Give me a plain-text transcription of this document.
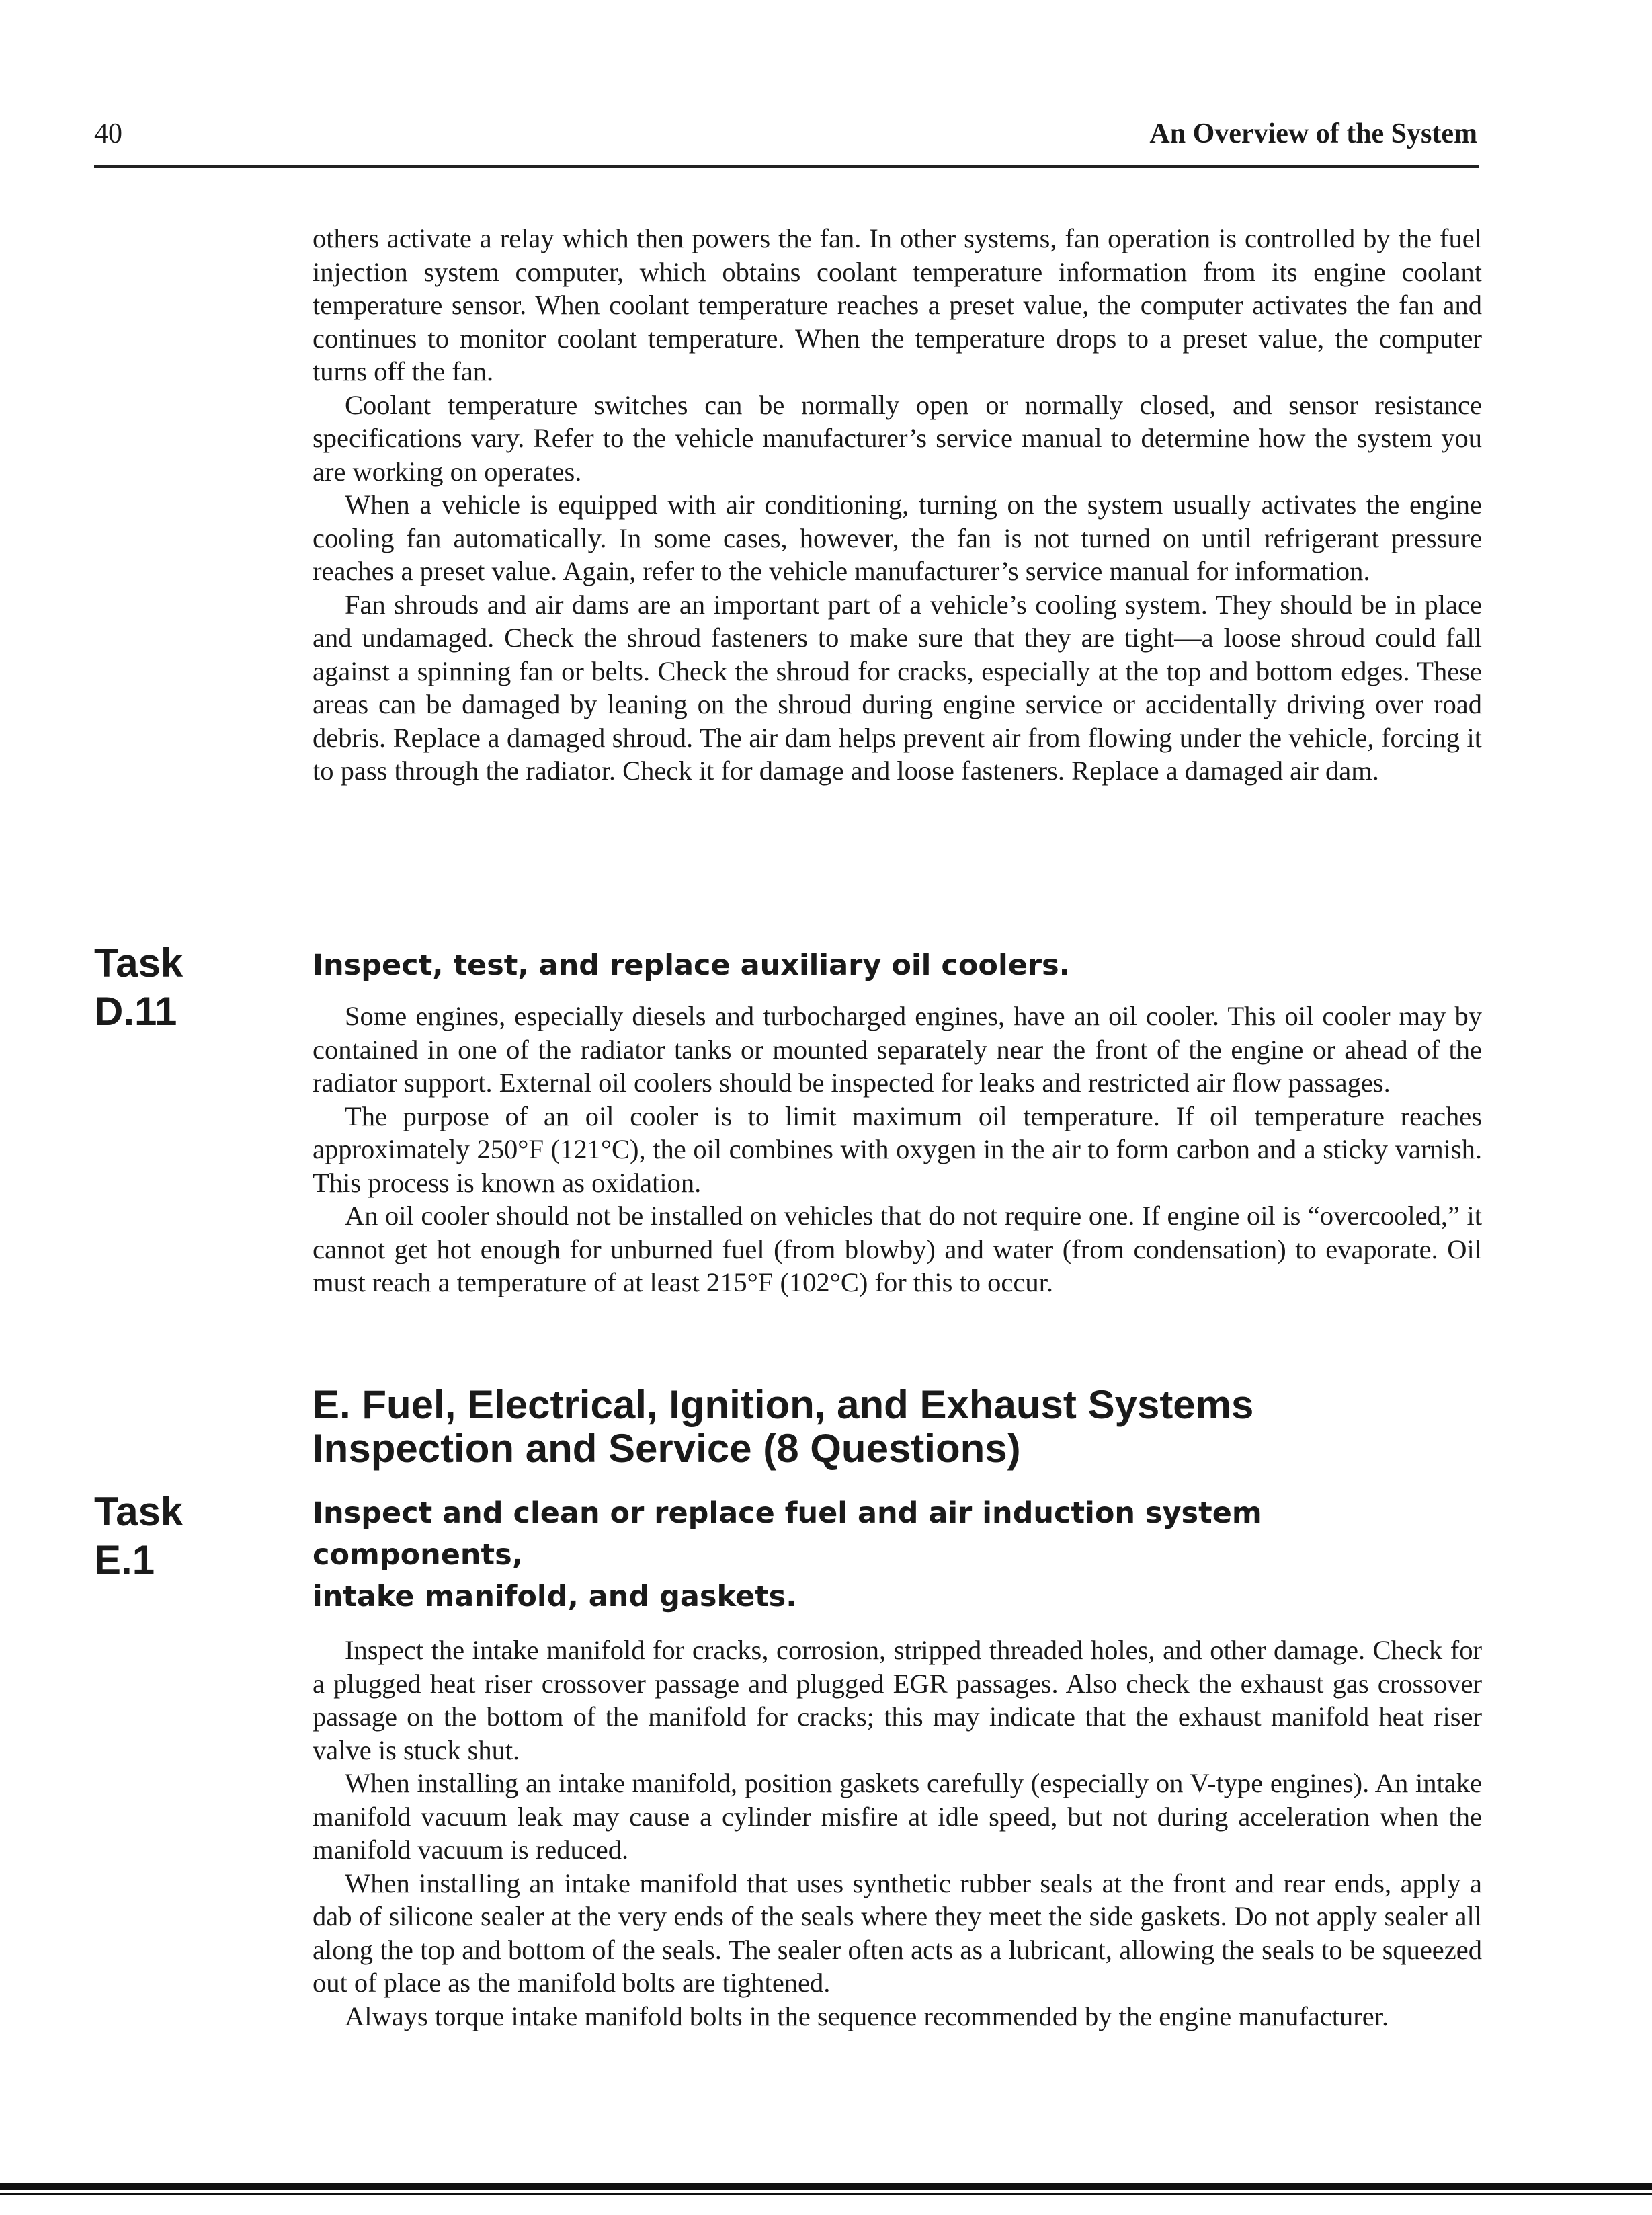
40	An Overview of the System

others activate a relay which then powers the fan. In other systems, fan operation is controlled by the fuel injection system computer, which obtains coolant temperature information from its engine coolant temperature sensor. When coolant temperature reaches a preset value, the computer activates the fan and continues to monitor coolant temperature. When the temperature drops to a preset value, the computer turns off the fan.

Coolant temperature switches can be normally open or normally closed, and sensor resistance specifications vary. Refer to the vehicle manufacturer’s service manual to determine how the system you are working on operates.

When a vehicle is equipped with air conditioning, turning on the system usually activates the engine cooling fan automatically. In some cases, however, the fan is not turned on until refrigerant pressure reaches a preset value. Again, refer to the vehicle manufacturer’s service manual for information.

Fan shrouds and air dams are an important part of a vehicle’s cooling system. They should be in place and undamaged. Check the shroud fasteners to make sure that they are tight—a loose shroud could fall against a spinning fan or belts. Check the shroud for cracks, especially at the top and bottom edges. These areas can be damaged by leaning on the shroud during engine service or accidentally driving over road debris. Replace a damaged shroud. The air dam helps prevent air from flowing under the vehicle, forcing it to pass through the radiator. Check it for damage and loose fasteners. Replace a damaged air dam.

Task
D.11
Inspect, test, and replace auxiliary oil coolers.

Some engines, especially diesels and turbocharged engines, have an oil cooler. This oil cooler may by contained in one of the radiator tanks or mounted separately near the front of the engine or ahead of the radiator support. External oil coolers should be inspected for leaks and restricted air flow passages.

The purpose of an oil cooler is to limit maximum oil temperature. If oil temperature reaches approximately 250°F (121°C), the oil combines with oxygen in the air to form carbon and a sticky varnish. This process is known as oxidation.

An oil cooler should not be installed on vehicles that do not require one. If engine oil is “overcooled,” it cannot get hot enough for unburned fuel (from blowby) and water (from condensation) to evaporate. Oil must reach a temperature of at least 215°F (102°C) for this to occur.

E. Fuel, Electrical, Ignition, and Exhaust Systems
Inspection and Service (8 Questions)
Task
E.1
Inspect and clean or replace fuel and air induction system components,
intake manifold, and gaskets.

Inspect the intake manifold for cracks, corrosion, stripped threaded holes, and other damage. Check for a plugged heat riser crossover passage and plugged EGR passages. Also check the exhaust gas crossover passage on the bottom of the manifold for cracks; this may indicate that the exhaust manifold heat riser valve is stuck shut.

When installing an intake manifold, position gaskets carefully (especially on V-type engines). An intake manifold vacuum leak may cause a cylinder misfire at idle speed, but not during acceleration when the manifold vacuum is reduced.

When installing an intake manifold that uses synthetic rubber seals at the front and rear ends, apply a dab of silicone sealer at the very ends of the seals where they meet the side gaskets. Do not apply sealer all along the top and bottom of the seals. The sealer often acts as a lubricant, allowing the seals to be squeezed out of place as the manifold bolts are tightened.

Always torque intake manifold bolts in the sequence recommended by the engine manufacturer.
